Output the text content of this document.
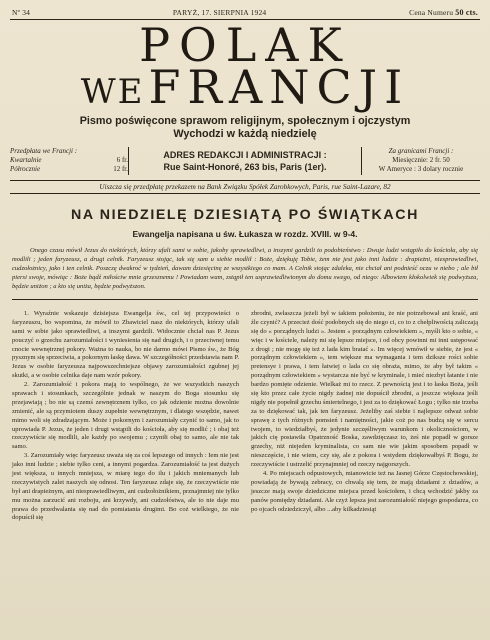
Nº 34	PARYŻ, 17. SIERPNIA 1924	Cena Numeru 50 cts.
POLAK
WE FRANCJI
Pismo poświęcone sprawom religijnym, społecznym i ojczystym
Wychodzi w każdą niedzielę
Przedpłata we Francji :
Kwartalnie	6 fr.
Półrocznie	12 fr.
ADRES REDAKCJI I ADMINISTRACJI :
Rue Saint-Honoré, 263 bis, Paris (1er).
Za granicami Francji :
Miesięcznie: 2 fr. 50
W Ameryce : 3 dolary rocznie
Uiszcza się przedpłatę przekazem na Bank Związku Spółek Zarobkowych, Paris, rue Saint-Lazare, 82
NA NIEDZIELĘ DZIESIĄTĄ PO ŚWIĄTKACH
Ewangelja napisana u św. Łukasza w rozdz. XVIII. w 9-4.
Onego czasu mówił Jezus do niektórych, którzy ufali sami w sobie, jakoby sprawiedliwi, a inszymi gardzili to podobieństwo : Dwuje ludzi wstąpiło do kościoła, aby się modlili ; jeden faryzeusz, a drugi celnik. Faryzeusz stojąc, tak się sam u siebie modlił : Boże, dziękuję Tobie, żem nie jest jako inni ludzie : drapieżni, niesprawiedliwi, cudzołożnicy, jako i ten celnik. Poszczę dwakroć w tydzień, dawam dziesięcinę ze wszystkiego co mam. A Celnik stojąc zdaleka, nie chciał ani podnieść oczu w niebo ; ale bił piersi swoje, mówiąc : Boże bądź miłościw mnie grzesznemu ! Powiadam wam, zstąpił ten usprawiedliwionym do domu swego, od niego: Albowiem kłokolwiek się podwyższa, będzie uniżon ; a kto się uniża, będzie podwyższon.

1. Wyraźnie wskazuje dzisiejsza Ewangelja św., cel tej przypowieści o faryzeuszu, bo wspomina, że mówił to Zbawiciel nasz do niektórych, którzy ufali sami w sobie jako sprawiedliwi, a inszymi gardzili. Widocznie chciał nas P. Jezus pouczyć o grzechu zarozumiałości i wyniesienia się nad drugich, i o przeciwnej temu cnocie wewnętrznej pokory. Ważna to nauka, bo nie darmo mówi Pismo św., że Bóg pysznym się sprzeciwia, a pokornym łaskę dawa. W szczegółności przedstawia nam P. Jezus w osobie faryzeusza najpowszechniejsze objawy zarozumiałości zgubnej jej skutki, a w osobie celnika daje nam wzór pokory.

2. Zarozumiałość i pokora mają to wspólnego, że we wszystkich naszych sprawach i stosunkach, szczególnie jednak w naszym do Boga stosunku się przejawiają ; bo nie są czemś zewnętrznem tylko, co jak odzienie można dowolnie zmienić, ale są przymiotem duszy zupełnie wewnętrznym, i dlatego wszędzie, nawet mimo woli się zdradzającym. Może i pokornym i zarozumiały czynić to samo, jak to uprowiada P. Jezus, że jeden i drugi wstąpili do kościoła, aby się modlić ; i obaj też rzeczywiście się modlili, ale każdy po swojemu ; czyniłi obaj to samo, ale nie tak samo.

3. Zarozumiały więc faryzeusz uważa się za coś lepszego od innych : Iem nie jest jako inni ludzie ; siebie tylko ceni, a innymi pogardza. Zarozumiałość ta jest dużych jest większa, u innych mniejsza, w miarę tego do ilu i jakich mniemanych lub rzeczywistych zalet naszych się odnosi. Ten faryzeusz zdaje się, że rzeczywiście nie był ani drapieżnym, ani niesprawiedliwym, ani cudzołożnikiem, prznajmniej nie tylko mu można zarzucić ani rozboju, ani krzywdy, ani cudzołóstwa, ale to nie daje mu prawa do przedwalania się nad do pomiatania drugimi. Bo coż wielkiego, że nie dopuścił się

zbrodni, zwłaszcza jeżeli był w takiem położeniu, że nie potrzebował ani kraść, ani źle czynić? A przecież dość podobnych się do niego ci, co to z chełpliwością zaliczają się do « porządnych ludzi ». Jestem « porządnym człowiekiem », myśli kto o sobie, « więc i w kościele, należy mi się lepsze miejsce, i od obcy powinni mi inni ustępować z drogi ; nie mogę się też z lada kim bratać ». Im więcej wmówił w siebie, że jest « porządnym człowiekiem », tem większe ma wymagania i tem dziksze rości sobie pretensye i prawa, i tem łatwiej o lada co się obraża, mimo, że aby był takim « porządnym człowiekiem » wystarcza nie być w kryminale, i mieć niezbyt łatanie i nie bardzo pomięte odzienie. Wielkaż mi to rzecz. Z pewnością jest i to łaska Boża, jeśli się kto przez całe życie nigdy żadnej nie dopuścił zbrodni, a jeszcze większa jeśli nigdy nie popełnił grzechu śmiertelnego, i jest za to dziękować Łogu ; tylko nie trzeba za to dziękować tak, jak ten faryzeusz. Jeżeliby zaś siebie i najlepsze odważ sobie sprawę z tych różnych pomsień i namiętności, jakie coż po nas budzą się w sercu twojem, to wiedziałbyś, że jedynie szczęśliwym warunkom i okolicznościom, w jakich cię postawiła Opatrzność Boska, zawdzięczasz to, żeś nie popadł w gorsze grzechy, niż niejeden kryminalista, co sam nie wie jakim sposobem popadł w nieszczęście, i nie wiem, czy się, ale z pokora i wstydem dziękowałbyś P. Bogu, że rzeczywiście i ustrzelić przynajmniej od rzeczy najgorszych.

4. Po miejscach odpustowych, mianowicie też na Jasnej Górze Częstochowskiej, powiadają że bywają zebracy, co chwalą się tem, że mają dziadami z dziadów, a jeszcze mają swoje dziedziczne miejsca przed kościołem, i chcą wchodzić jakby za panów pomiędzy dziadami. Ale czyż lepsza jest zarozumiałość niejego gospodarza, co po ojcach odziedziczył, albo ...aby kilkadziesiąt
